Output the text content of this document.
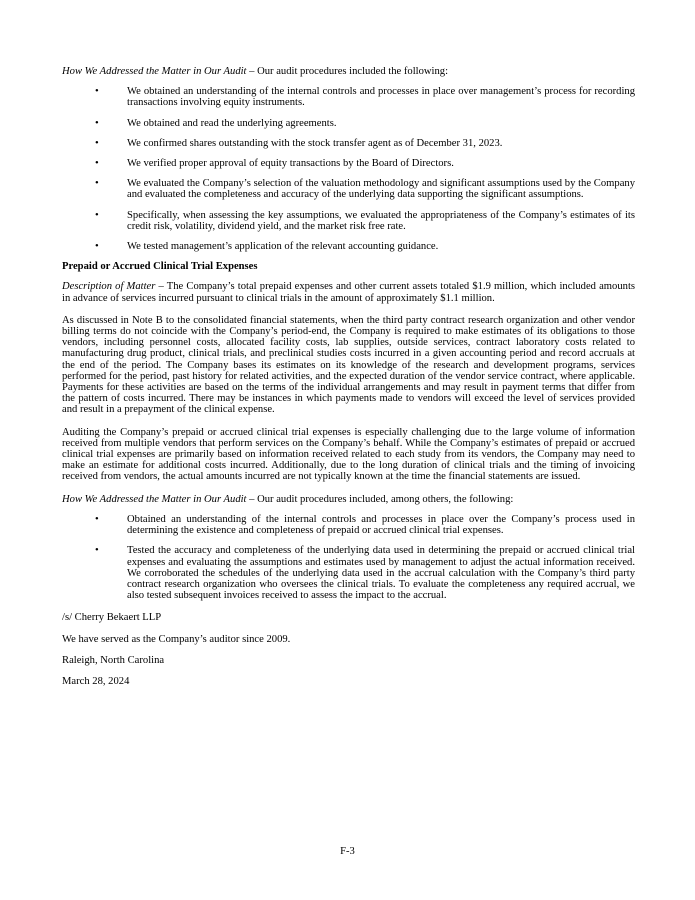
How We Addressed the Matter in Our Audit – Our audit procedures included the following:

•	We obtained an understanding of the internal controls and processes in place over management’s process for recording transactions involving equity instruments.
•	We obtained and read the underlying agreements.
•	We confirmed shares outstanding with the stock transfer agent as of December 31, 2023.
•	We verified proper approval of equity transactions by the Board of Directors.
•	We evaluated the Company’s selection of the valuation methodology and significant assumptions used by the Company and evaluated the completeness and accuracy of the underlying data supporting the significant assumptions.
•	Specifically, when assessing the key assumptions, we evaluated the appropriateness of the Company’s estimates of its credit risk, volatility, dividend yield, and the market risk free rate.
•	We tested management’s application of the relevant accounting guidance.

Prepaid or Accrued Clinical Trial Expenses

Description of Matter – The Company’s total prepaid expenses and other current assets totaled $1.9 million, which included amounts in advance of services incurred pursuant to clinical trials in the amount of approximately $1.1 million.

As discussed in Note B to the consolidated financial statements, when the third party contract research organization and other vendor billing terms do not coincide with the Company’s period-end, the Company is required to make estimates of its obligations to those vendors, including personnel costs, allocated facility costs, lab supplies, outside services, contract laboratory costs related to manufacturing drug product, clinical trials, and preclinical studies costs incurred in a given accounting period and record accruals at the end of the period. The Company bases its estimates on its knowledge of the research and development programs, services performed for the period, past history for related activities, and the expected duration of the vendor service contract, where applicable. Payments for these activities are based on the terms of the individual arrangements and may result in payment terms that differ from the pattern of costs incurred. There may be instances in which payments made to vendors will exceed the level of services provided and result in a prepayment of the clinical expense.

Auditing the Company’s prepaid or accrued clinical trial expenses is especially challenging due to the large volume of information received from multiple vendors that perform services on the Company’s behalf. While the Company’s estimates of prepaid or accrued clinical trial expenses are primarily based on information received related to each study from its vendors, the Company may need to make an estimate for additional costs incurred. Additionally, due to the long duration of clinical trials and the timing of invoicing received from vendors, the actual amounts incurred are not typically known at the time the financial statements are issued.

How We Addressed the Matter in Our Audit – Our audit procedures included, among others, the following:

•	Obtained an understanding of the internal controls and processes in place over the Company’s process used in determining the existence and completeness of prepaid or accrued clinical trial expenses.
•	Tested the accuracy and completeness of the underlying data used in determining the prepaid or accrued clinical trial expenses and evaluating the assumptions and estimates used by management to adjust the actual information received. We corroborated the schedules of the underlying data used in the accrual calculation with the Company’s third party contract research organization who oversees the clinical trials. To evaluate the completeness any required accrual, we also tested subsequent invoices received to assess the impact to the accrual.

/s/ Cherry Bekaert LLP

We have served as the Company’s auditor since 2009.

Raleigh, North Carolina

March 28, 2024

F-3
